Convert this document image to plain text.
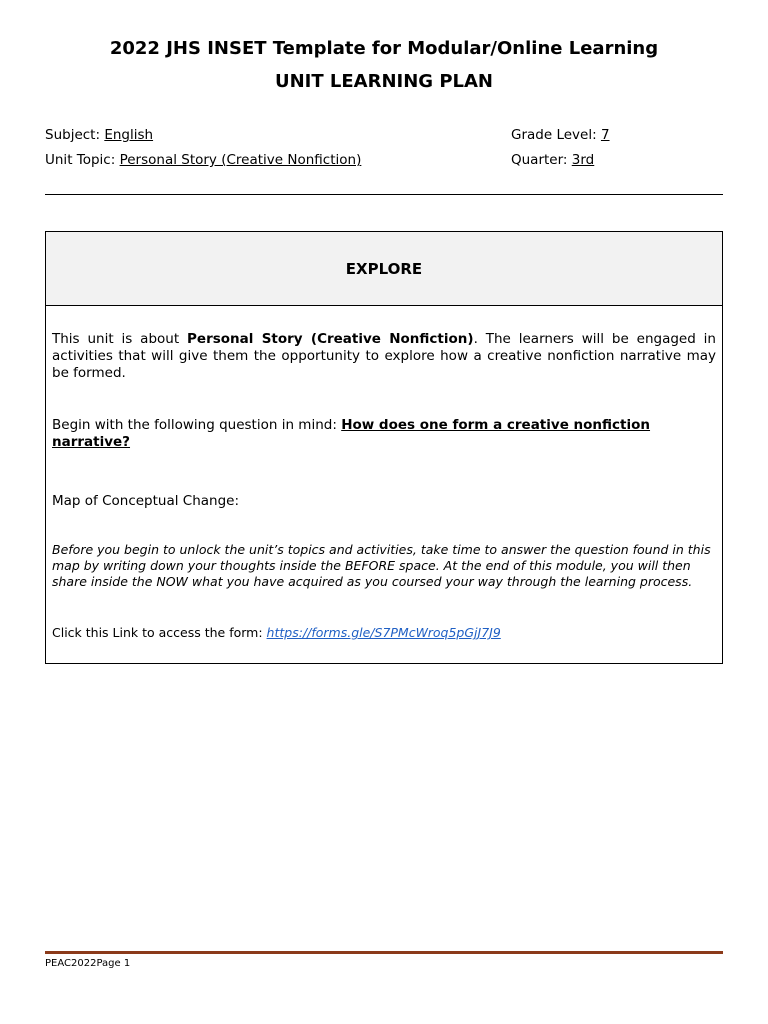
2022 JHS INSET Template for Modular/Online Learning
UNIT LEARNING PLAN
Subject: English
Unit Topic: Personal Story (Creative Nonfiction)
Grade Level: 7
Quarter: 3rd
EXPLORE
This unit is about Personal Story (Creative Nonfiction). The learners will be engaged in activities that will give them the opportunity to explore how a creative nonfiction narrative may be formed.
Begin with the following question in mind: How does one form a creative nonfiction narrative?
Map of Conceptual Change:
Before you begin to unlock the unit’s topics and activities, take time to answer the question found in this map by writing down your thoughts inside the BEFORE space. At the end of this module, you will then share inside the NOW what you have acquired as you coursed your way through the learning process.
Click this Link to access the form: https://forms.gle/S7PMcWroq5pGjJ7J9
PEAC2022Page 1
